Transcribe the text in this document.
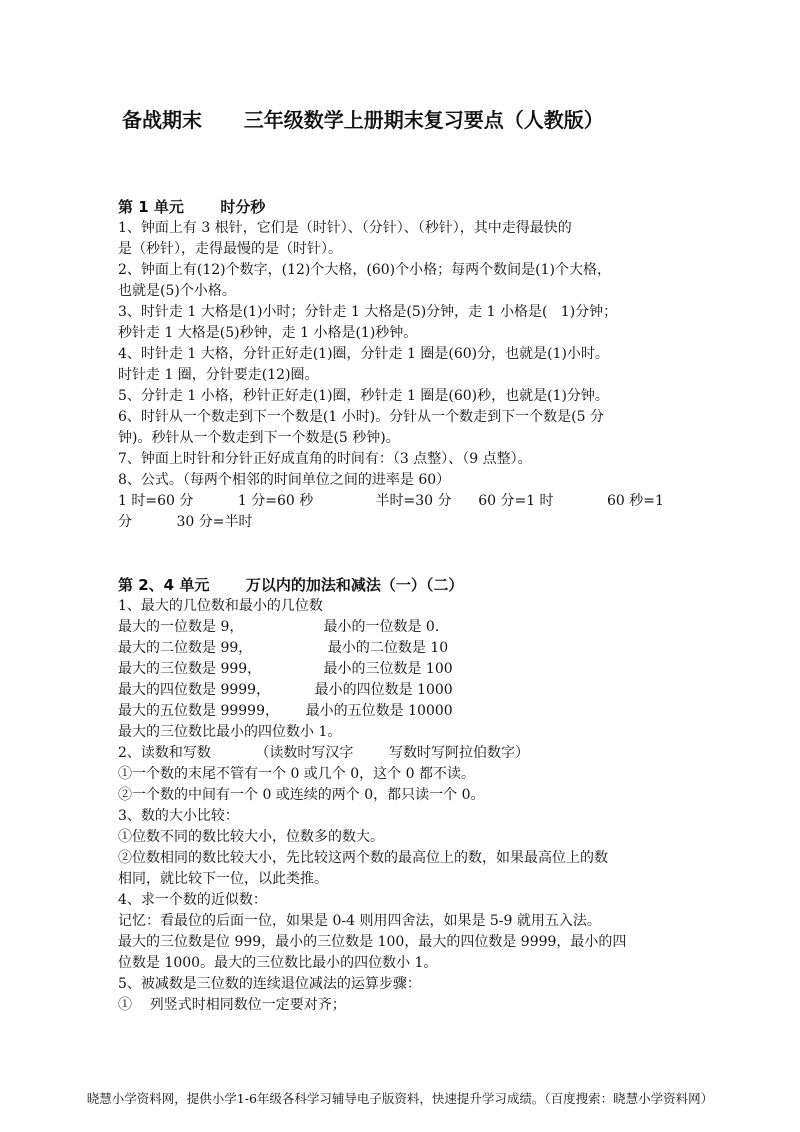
备战期末      三年级数学上册期末复习要点（人教版）
第 1 单元       时分秒
1、钟面上有 3 根针，它们是（时针）、（分针）、（秒针），其中走得最快的
是（秒针），走得最慢的是（时针）。
2、钟面上有(12)个数字，(12)个大格，(60)个小格；每两个数间是(1)个大格，
也就是(5)个小格。
3、时针走 1 大格是(1)小时；分针走 1 大格是(5)分钟，走 1 小格是(   1)分钟；
秒针走 1 大格是(5)秒钟，走 1 小格是(1)秒钟。
4、时针走 1 大格，分针正好走(1)圈，分针走 1 圈是(60)分，也就是(1)小时。
时针走 1 圈，分针要走(12)圈。
5、分针走 1 小格，秒针正好走(1)圈，秒针走 1 圈是(60)秒，也就是(1)分钟。
6、时针从一个数走到下一个数是(1 小时)。分针从一个数走到下一个数是(5 分
钟)。秒针从一个数走到下一个数是(5 秒钟)。
7、钟面上时针和分针正好成直角的时间有：（3 点整）、（9 点整）。
8、公式。（每两个相邻的时间单位之间的进率是 60）
1 时=60 分          1 分=60 秒              半时=30 分      60 分=1 时            60 秒=1
分          30 分=半时
第 2、4 单元       万以内的加法和减法（一）（二）
1、最大的几位数和最小的几位数
最大的一位数是 9，                  最小的一位数是 0.
最大的二位数是 99，                 最小的二位数是 10
最大的三位数是 999，              最小的三位数是 100
最大的四位数是 9999，          最小的四位数是 1000
最大的五位数是 99999，      最小的五位数是 10000
最大的三位数比最小的四位数小 1。
2、读数和写数          （读数时写汉字        写数时写阿拉伯数字）
①一个数的末尾不管有一个 0 或几个 0，这个 0 都不读。
②一个数的中间有一个 0 或连续的两个 0，都只读一个 0。
3、数的大小比较：
①位数不同的数比较大小，位数多的数大。
②位数相同的数比较大小，先比较这两个数的最高位上的数，如果最高位上的数
相同，就比较下一位，以此类推。
4、求一个数的近似数：
记忆：看最位的后面一位，如果是 0-4 则用四舍法，如果是 5-9 就用五入法。
最大的三位数是位 999，最小的三位数是 100，最大的四位数是 9999，最小的四
位数是 1000。最大的三位数比最小的四位数小 1。
5、被减数是三位数的连续退位减法的运算步骤：
①    列竖式时相同数位一定要对齐；
晓慧小学资料网，提供小学1-6年级各科学习辅导电子版资料，快速提升学习成绩。（百度搜索：晓慧小学资料网）
